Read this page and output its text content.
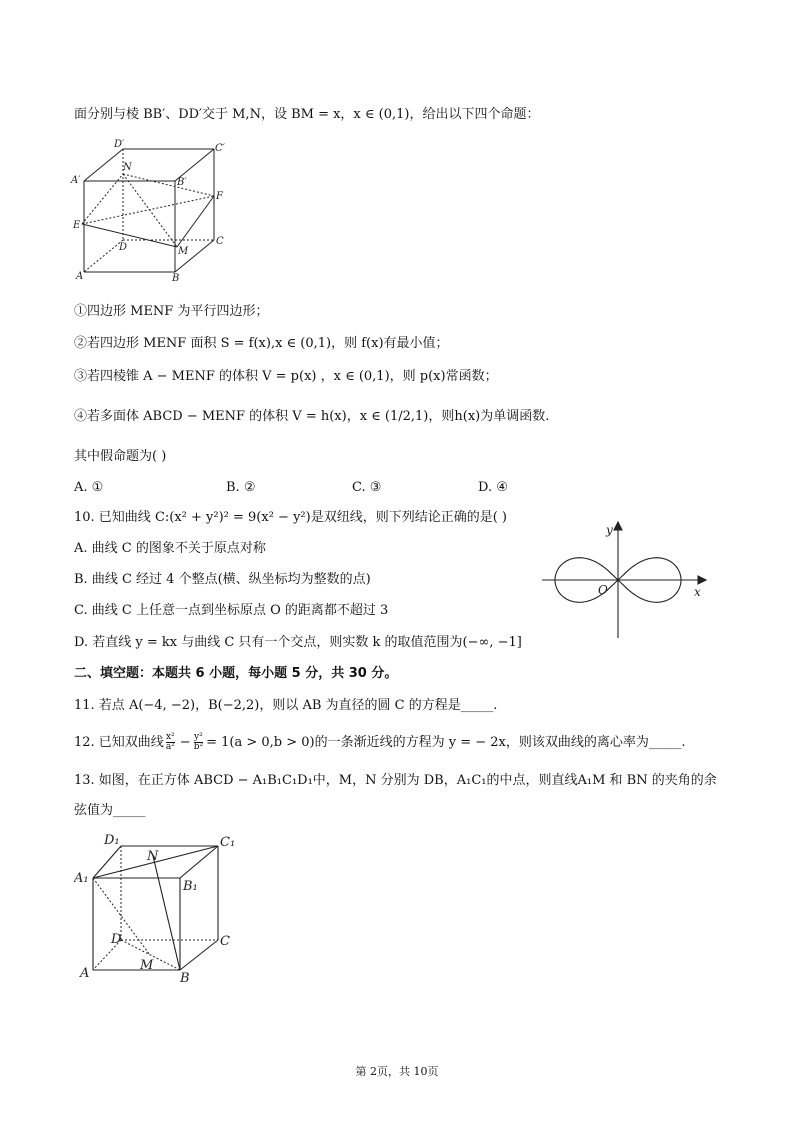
面分别与棱 BB′、DD′交于 M,N，设 BM = x，x ∈ (0,1)，给出以下四个命题：
D′	C′
N
A′	B′
F
E
D	M
C
A	B
①四边形 MENF 为平行四边形；
②若四边形 MENF 面积 S = f(x),x ∈ (0,1)，则 f(x)有最小值；
③若四棱锥 A − MENF 的体积 V = p(x) ，x ∈ (0,1)，则 p(x)常函数；
④若多面体 ABCD − MENF 的体积 V = h(x)，x ∈ (1/2,1)，则h(x)为单调函数.
其中假命题为( )
A. ①	B. ②	C. ③	D. ④
10. 已知曲线 C:(x² + y²)² = 9(x² − y²)是双纽线，则下列结论正确的是( )
A. 曲线 C 的图象不关于原点对称
B. 曲线 C 经过 4 个整点(横、纵坐标均为整数的点)
C. 曲线 C 上任意一点到坐标原点 O 的距离都不超过 3
D. 若直线 y = kx 与曲线 C 只有一个交点，则实数 k 的取值范围为(−∞, −1]
y
O	x
二、填空题：本题共 6 小题，每小题 5 分，共 30 分。
11. 若点 A(−4, −2)，B(−2,2)，则以 AB 为直径的圆 C 的方程是_____.
12. 已知双曲线 x²
$a^2 - \frac{\text{y²}}{\text{b²}} = 1(a > 0,b > 0)$的一条渐近线的方程为 y = − 2x，则该双曲线的离心率为_____.
13. 如图，在正方体 ABCD − A₁B₁C₁D₁中，M，N 分别为 DB，A₁C₁的中点，则直线A₁M 和 BN 的夹角的余
弦值为_____
D₁
N
C₁
A₁
B₁
D	C
M
A	B
第 2页，共 10页
